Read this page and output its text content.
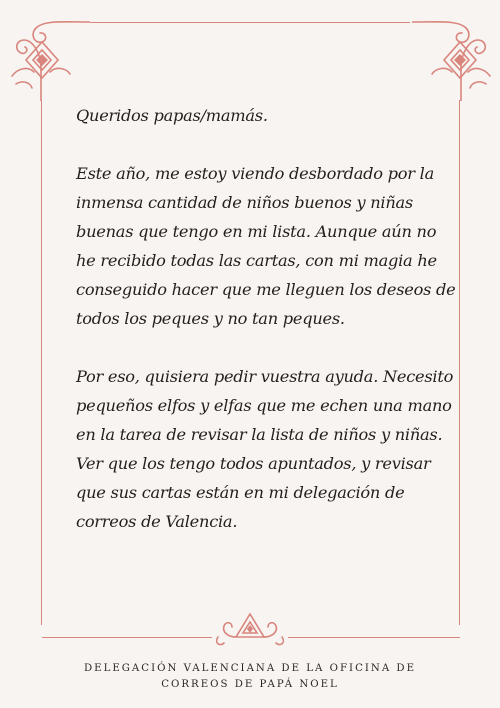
Queridos papas/mamás.

Este año, me estoy viendo desbordado por la

inmensa cantidad de niños buenos y niñas

buenas que tengo en mi lista. Aunque aún no

he recibido todas las cartas, con mi magia he

conseguido hacer que me lleguen los deseos de

todos los peques y no tan peques.

Por eso, quisiera pedir vuestra ayuda. Necesito

pequeños elfos y elfas que me echen una mano

en la tarea de revisar la lista de niños y niñas.

Ver que los tengo todos apuntados, y revisar

que sus cartas están en mi delegación de

correos de Valencia.

DELEGACIÓN VALENCIANA DE LA OFICINA DE
CORREOS DE PAPÁ NOEL
